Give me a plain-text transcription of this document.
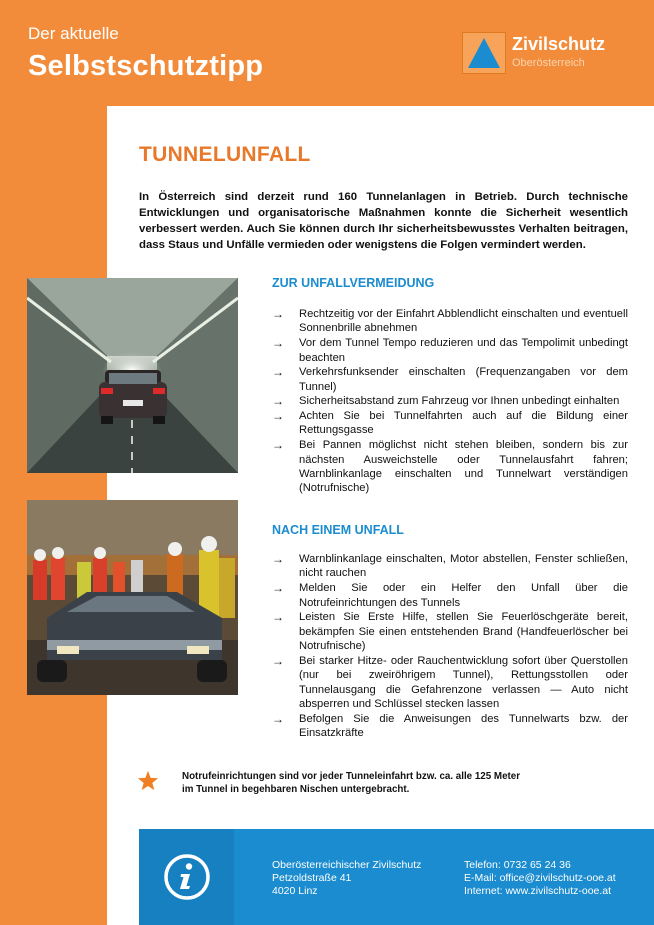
Der aktuelle
Selbstschutztipp
Zivilschutz
Oberösterreich
TUNNELUNFALL
In Österreich sind derzeit rund 160 Tunnelanlagen in Betrieb. Durch technische Entwicklungen und organisatorische Maßnahmen konnte die Sicherheit wesentlich verbessert werden. Auch Sie können durch Ihr sicherheitsbewusstes Verhalten beitragen, dass Staus und Unfälle vermieden oder wenigstens die Folgen vermindert werden.
ZUR UNFALLVERMEIDUNG
→ Rechtzeitig vor der Einfahrt Abblendlicht einschalten und eventuell Sonnenbrille abnehmen
→ Vor dem Tunnel Tempo reduzieren und das Tempolimit unbedingt beachten
→ Verkehrsfunksender einschalten (Frequenzangaben vor dem Tunnel)
→ Sicherheitsabstand zum Fahrzeug vor Ihnen unbedingt einhalten
→ Achten Sie bei Tunnelfahrten auch auf die Bildung einer Rettungsgasse
→ Bei Pannen möglichst nicht stehen bleiben, sondern bis zur nächsten Ausweichstelle oder Tunnelausfahrt fahren; Warnblinkanlage einschalten und Tunnelwart verständigen (Notrufnische)
NACH EINEM UNFALL
→ Warnblinkanlage einschalten, Motor abstellen, Fenster schließen, nicht rauchen
→ Melden Sie oder ein Helfer den Unfall über die Notrufeinrichtungen des Tunnels
→ Leisten Sie Erste Hilfe, stellen Sie Feuerlöschgeräte bereit, bekämpfen Sie einen entstehenden Brand (Handfeuerlöscher bei Notrufnische)
→ Bei starker Hitze- oder Rauchentwicklung sofort über Querstollen (nur bei zweiröhrigem Tunnel), Rettungsstollen oder Tunnelausgang die Gefahrenzone verlassen — Auto nicht absperren und Schlüssel stecken lassen
→ Befolgen Sie die Anweisungen des Tunnelwarts bzw. der Einsatzkräfte
Notrufeinrichtungen sind vor jeder Tunneleinfahrt bzw. ca. alle 125 Meter
im Tunnel in begehbaren Nischen untergebracht.
Oberösterreichischer Zivilschutz
Petzoldstraße 41
4020 Linz
Telefon: 0732 65 24 36
E-Mail: office@zivilschutz-ooe.at
Internet: www.zivilschutz-ooe.at
